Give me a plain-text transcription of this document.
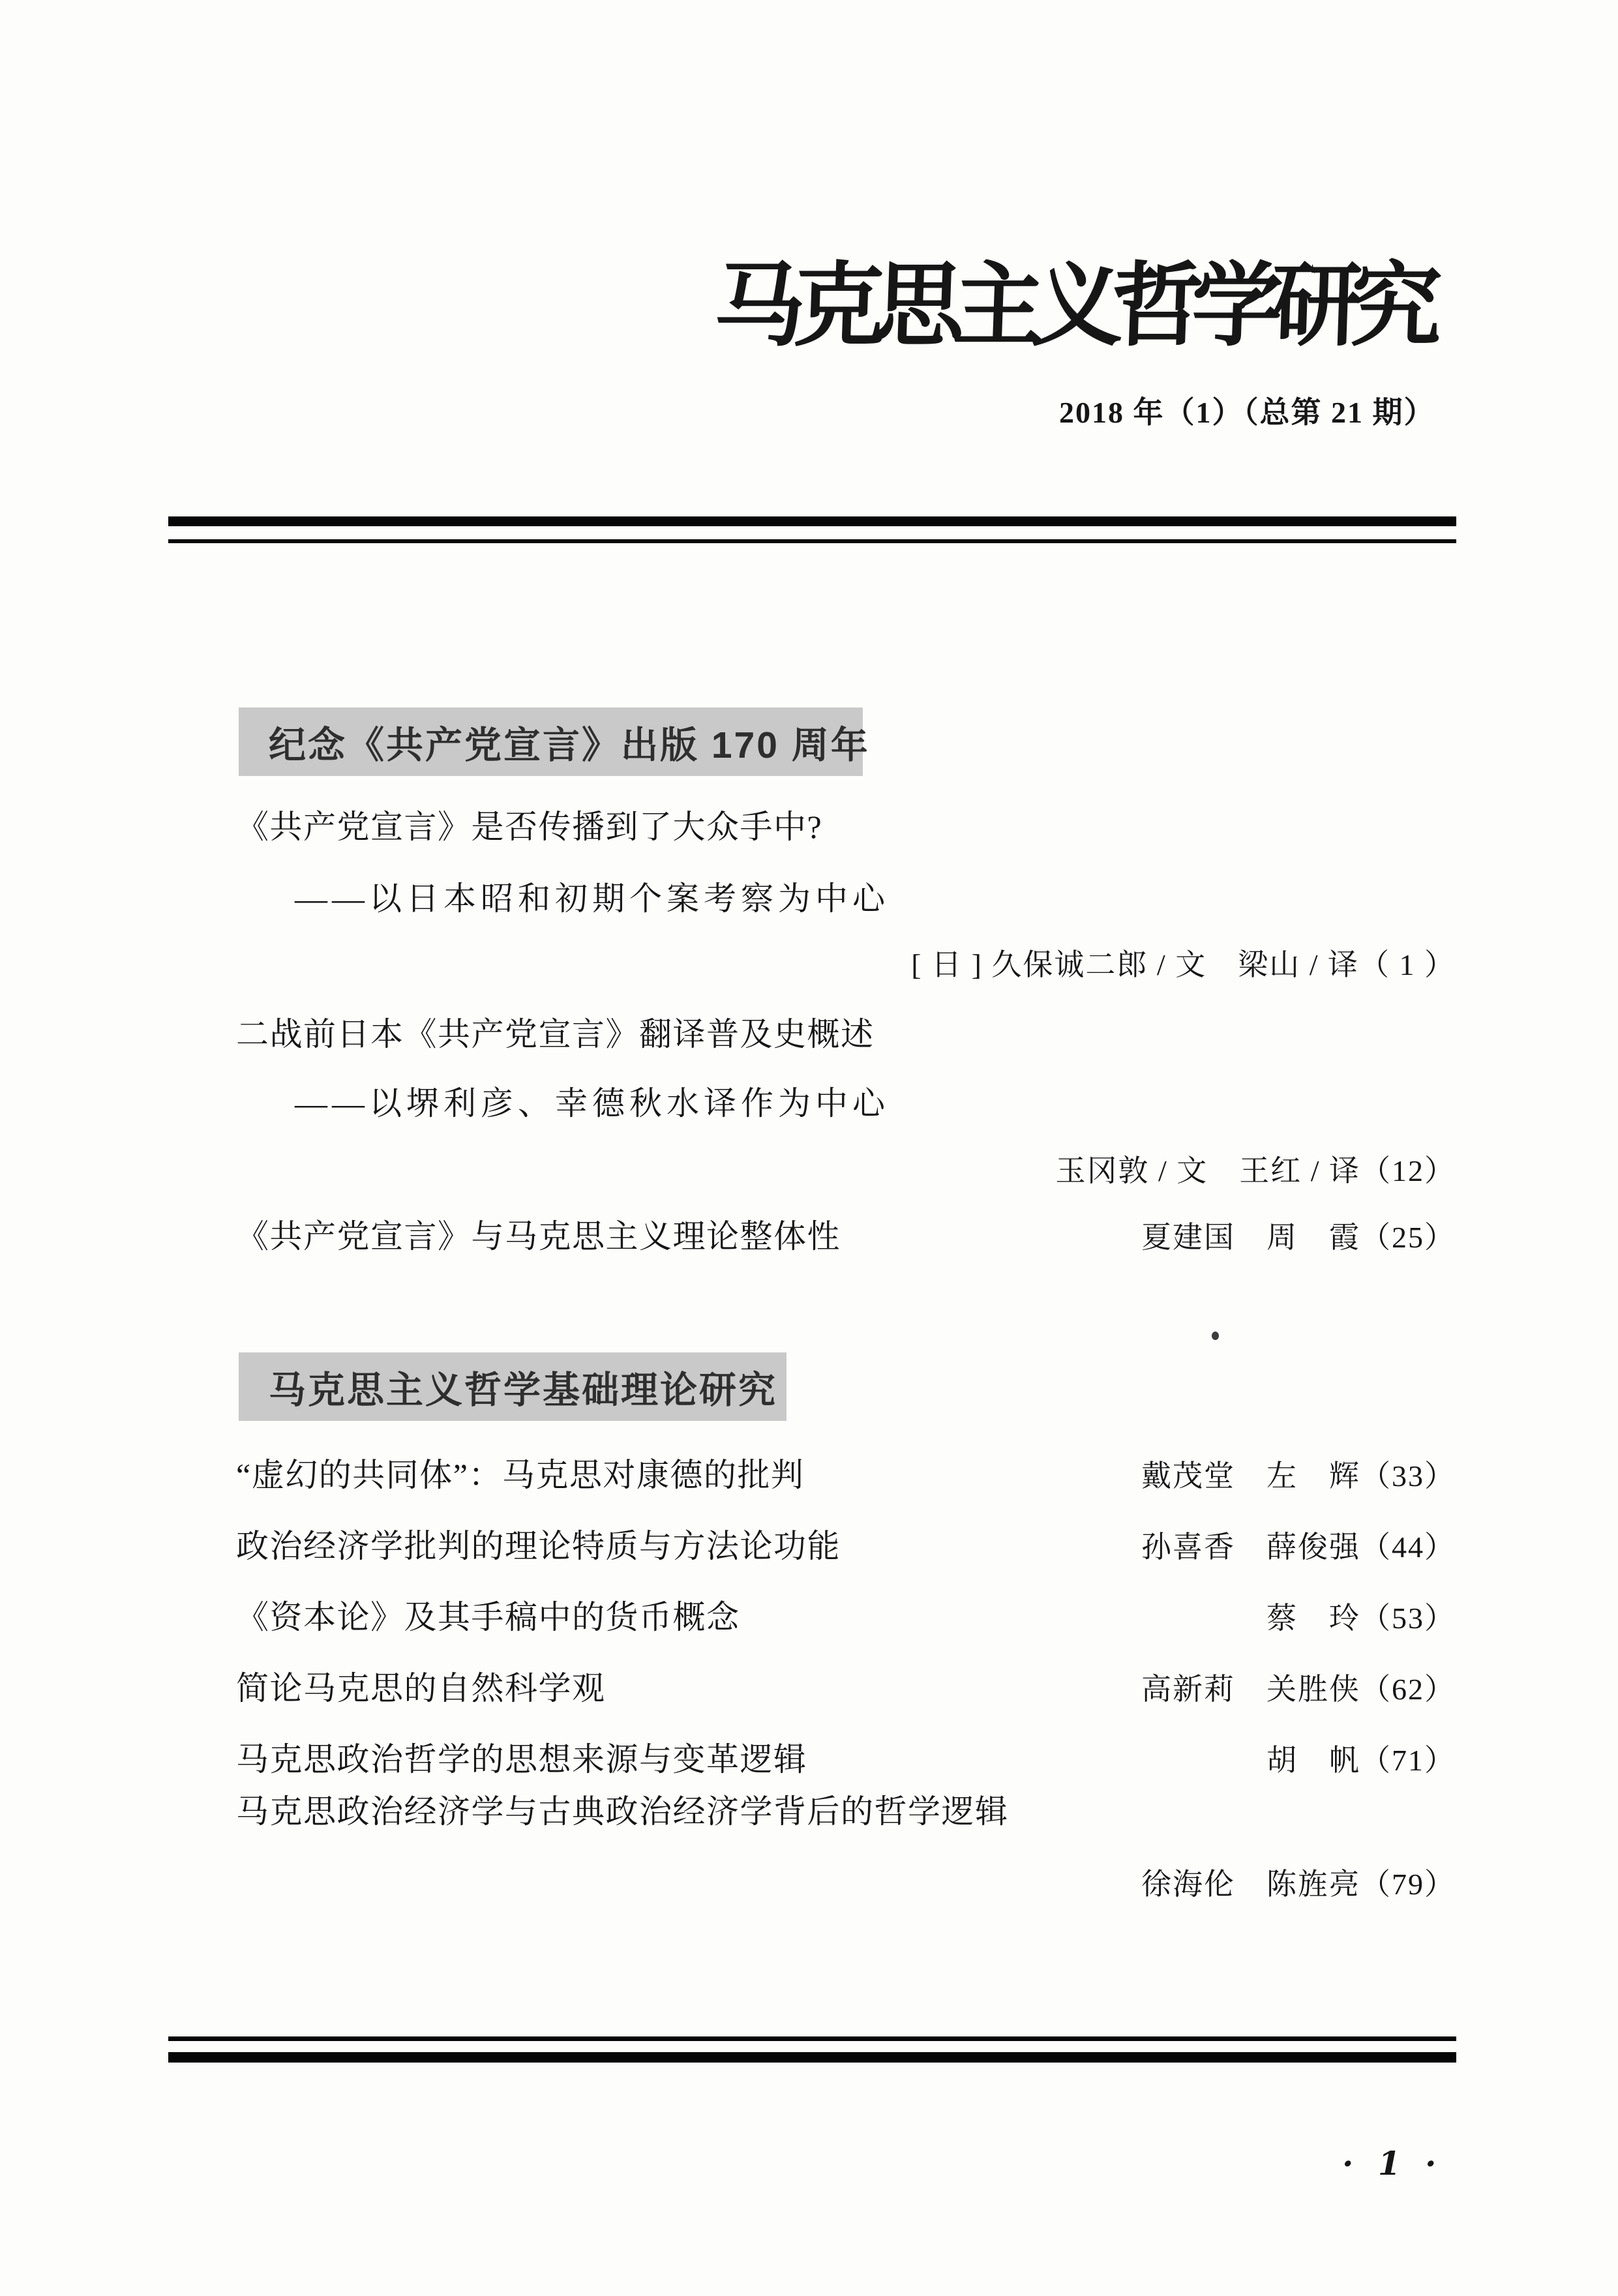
马克思主义哲学研究
2018 年（1）（总第 21 期）
纪念《共产党宣言》出版 170 周年
《共产党宣言》是否传播到了大众手中?
——以日本昭和初期个案考察为中心
[ 日 ] 久保诚二郎 / 文　梁山 / 译（ 1 ）
二战前日本《共产党宣言》翻译普及史概述
——以堺利彦、幸德秋水译作为中心
玉冈敦 / 文　王红 / 译（12）
《共产党宣言》与马克思主义理论整体性	夏建国　周　霞（25）
马克思主义哲学基础理论研究
“虚幻的共同体”：马克思对康德的批判	戴茂堂　左　辉（33）
政治经济学批判的理论特质与方法论功能	孙喜香　薛俊强（44）
《资本论》及其手稿中的货币概念	蔡　玲（53）
简论马克思的自然科学观	高新莉　关胜侠（62）
马克思政治哲学的思想来源与变革逻辑	胡　帆（71）
马克思政治经济学与古典政治经济学背后的哲学逻辑
徐海伦　陈旌亮（79）
· 1 ·
